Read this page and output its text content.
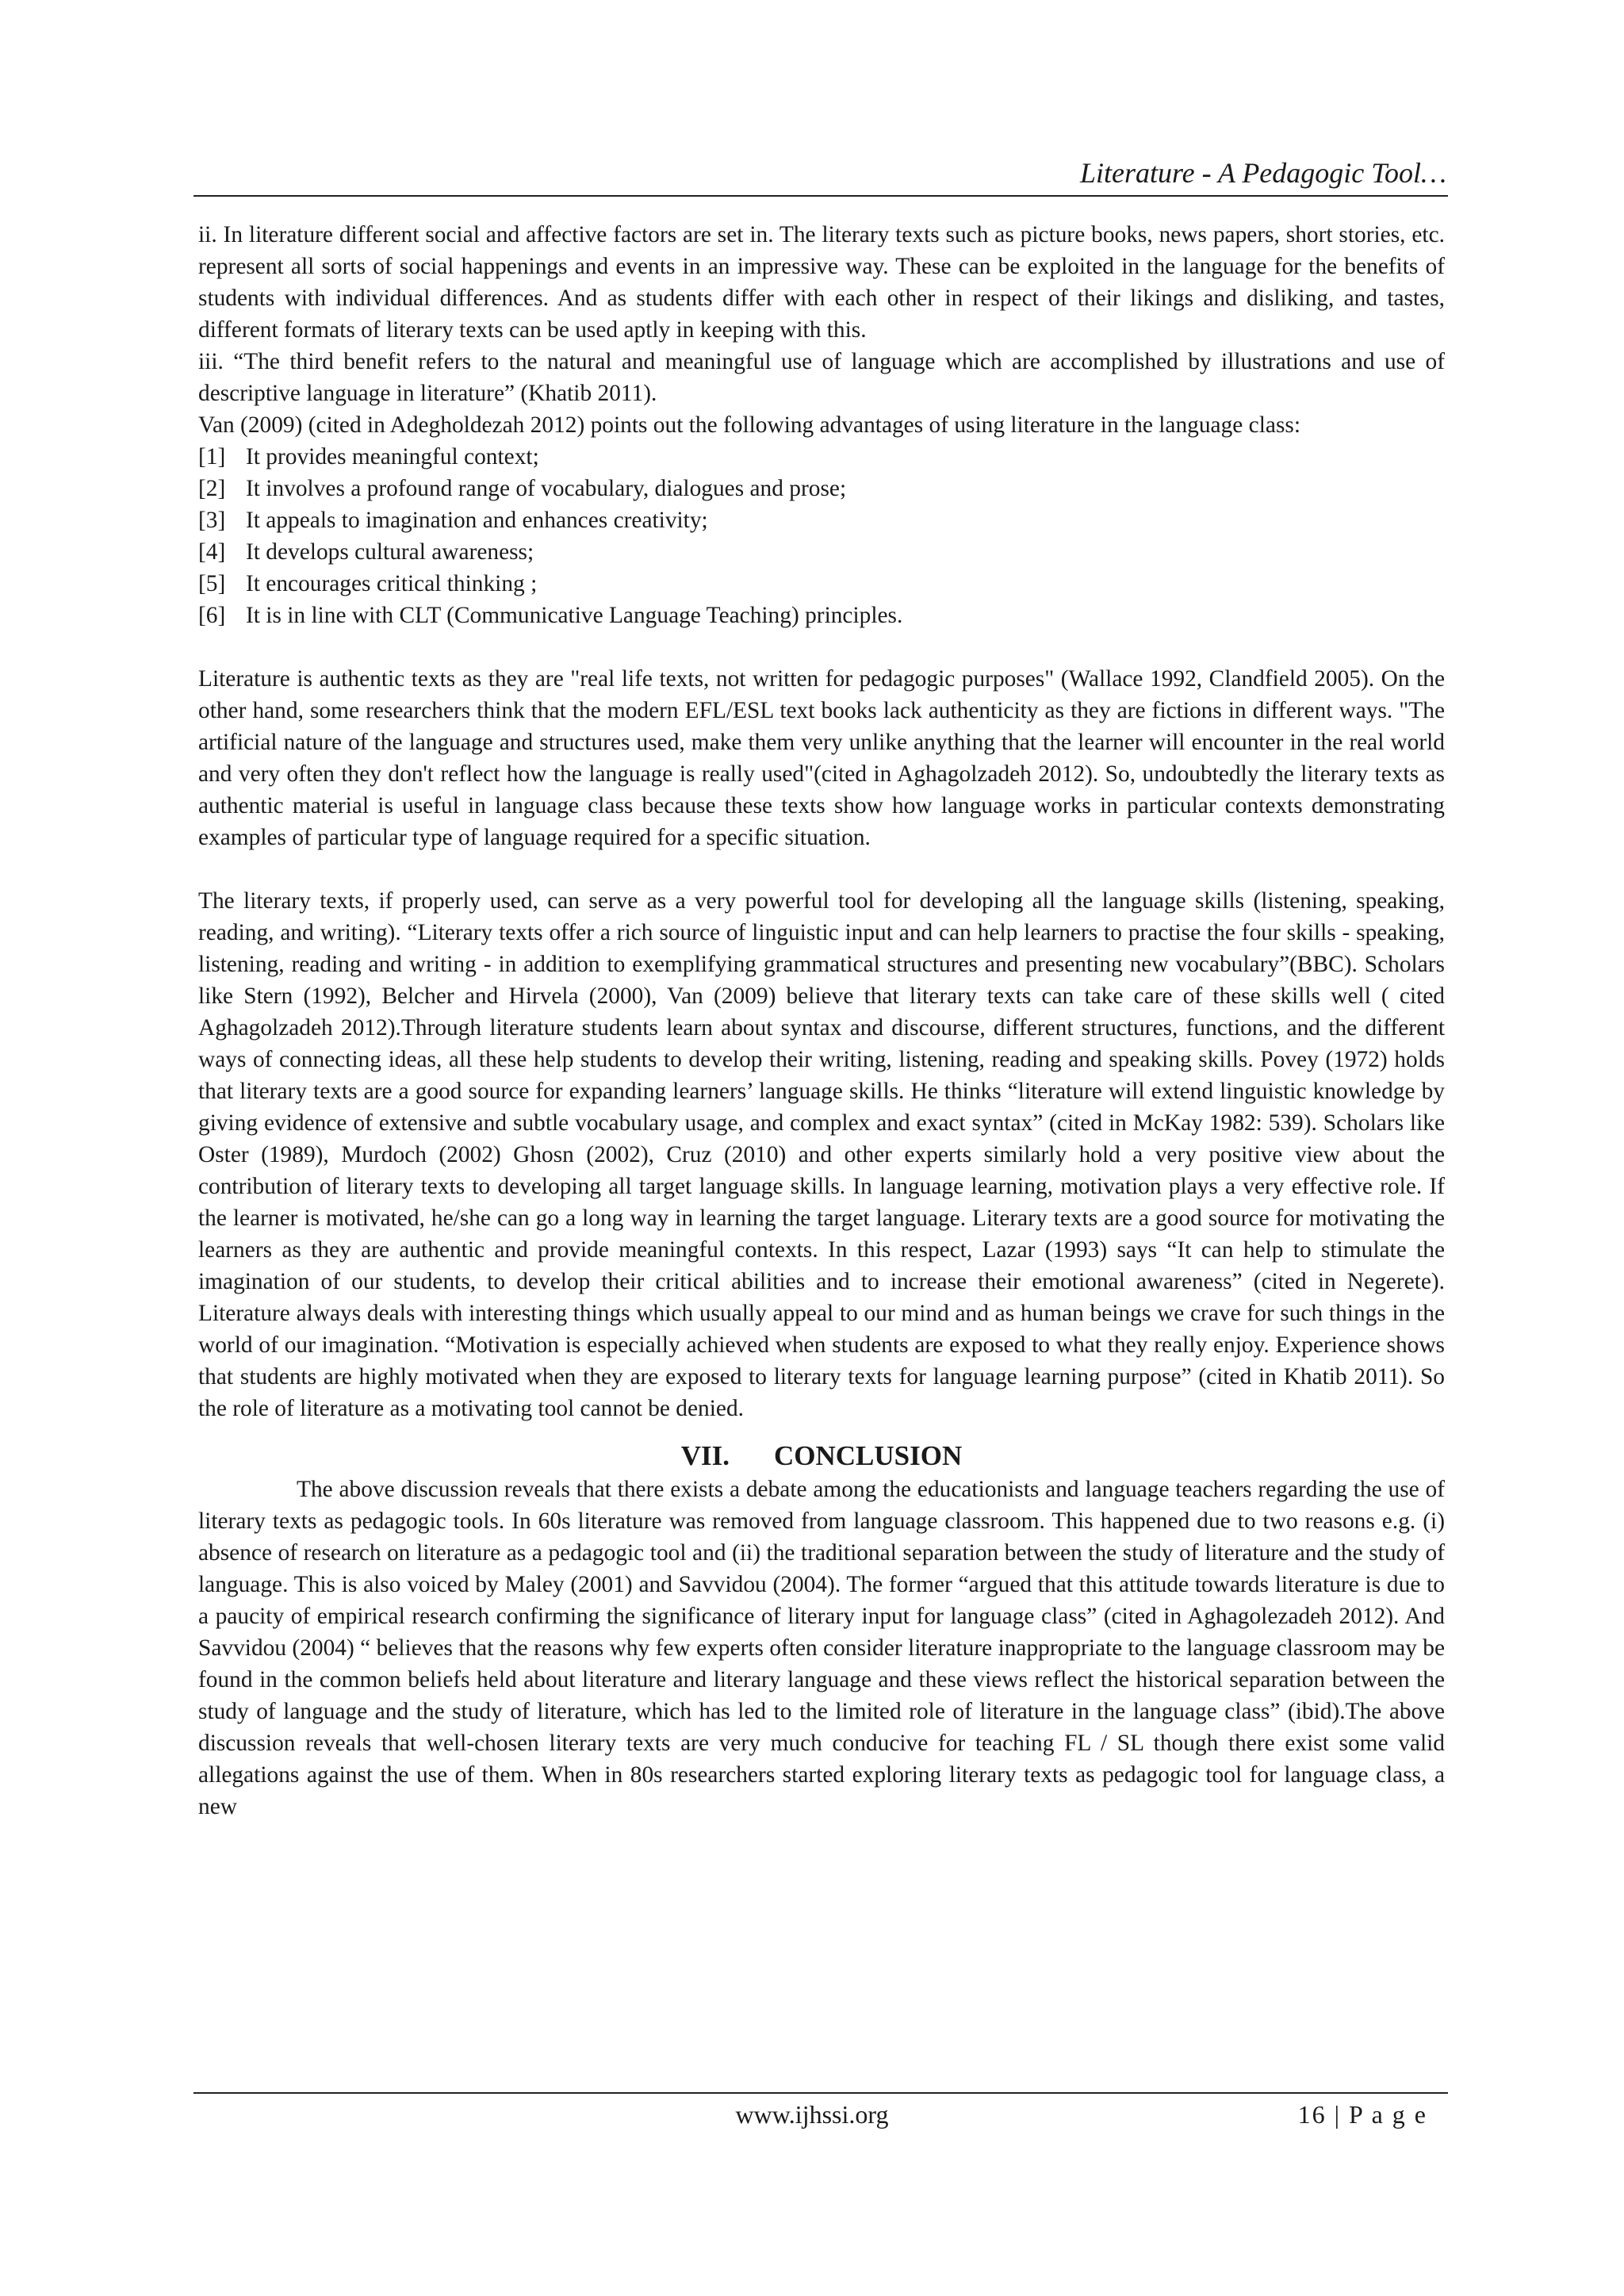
Literature - A Pedagogic Tool…

ii. In literature different social and affective factors are set in. The literary texts such as picture books, news papers, short stories, etc. represent all sorts of social happenings and events in an impressive way. These can be exploited in the language for the benefits of students with individual differences. And as students differ with each other in respect of their likings and disliking, and tastes, different formats of literary texts can be used aptly in keeping with this.

iii. “The third benefit refers to the natural and meaningful use of language which are accomplished by illustrations and use of descriptive language in literature” (Khatib 2011).

Van (2009) (cited in Adegholdezah 2012) points out the following advantages of using literature in the language class:

[1] It provides meaningful context;
[2] It involves a profound range of vocabulary, dialogues and prose;
[3] It appeals to imagination and enhances creativity;
[4] It develops cultural awareness;
[5] It encourages critical thinking ;
[6] It is in line with CLT (Communicative Language Teaching) principles.

Literature is authentic texts as they are "real life texts, not written for pedagogic purposes" (Wallace 1992, Clandfield 2005). On the other hand, some researchers think that the modern EFL/ESL text books lack authenticity as they are fictions in different ways. "The artificial nature of the language and structures used, make them very unlike anything that the learner will encounter in the real world and very often they don't reflect how the language is really used"(cited in Aghagolzadeh 2012). So, undoubtedly the literary texts as authentic material is useful in language class because these texts show how language works in particular contexts demonstrating examples of particular type of language required for a specific situation.

The literary texts, if properly used, can serve as a very powerful tool for developing all the language skills (listening, speaking, reading, and writing). “Literary texts offer a rich source of linguistic input and can help learners to practise the four skills - speaking, listening, reading and writing - in addition to exemplifying grammatical structures and presenting new vocabulary”(BBC). Scholars like Stern (1992), Belcher and Hirvela (2000), Van (2009) believe that literary texts can take care of these skills well ( cited Aghagolzadeh 2012).Through literature students learn about syntax and discourse, different structures, functions, and the different ways of connecting ideas, all these help students to develop their writing, listening, reading and speaking skills. Povey (1972) holds that literary texts are a good source for expanding learners’ language skills. He thinks “literature will extend linguistic knowledge by giving evidence of extensive and subtle vocabulary usage, and complex and exact syntax” (cited in McKay 1982: 539). Scholars like Oster (1989), Murdoch (2002) Ghosn (2002), Cruz (2010) and other experts similarly hold a very positive view about the contribution of literary texts to developing all target language skills. In language learning, motivation plays a very effective role. If the learner is motivated, he/she can go a long way in learning the target language. Literary texts are a good source for motivating the learners as they are authentic and provide meaningful contexts. In this respect, Lazar (1993) says “It can help to stimulate the imagination of our students, to develop their critical abilities and to increase their emotional awareness” (cited in Negerete). Literature always deals with interesting things which usually appeal to our mind and as human beings we crave for such things in the world of our imagination. “Motivation is especially achieved when students are exposed to what they really enjoy. Experience shows that students are highly motivated when they are exposed to literary texts for language learning purpose” (cited in Khatib 2011). So the role of literature as a motivating tool cannot be denied.

VII. CONCLUSION

The above discussion reveals that there exists a debate among the educationists and language teachers regarding the use of literary texts as pedagogic tools. In 60s literature was removed from language classroom. This happened due to two reasons e.g. (i) absence of research on literature as a pedagogic tool and (ii) the traditional separation between the study of literature and the study of language. This is also voiced by Maley (2001) and Savvidou (2004). The former “argued that this attitude towards literature is due to a paucity of empirical research confirming the significance of literary input for language class” (cited in Aghagolezadeh 2012). And Savvidou (2004) “ believes that the reasons why few experts often consider literature inappropriate to the language classroom may be found in the common beliefs held about literature and literary language and these views reflect the historical separation between the study of language and the study of literature, which has led to the limited role of literature in the language class” (ibid).The above discussion reveals that well-chosen literary texts are very much conducive for teaching FL / SL though there exist some valid allegations against the use of them. When in 80s researchers started exploring literary texts as pedagogic tool for language class, a new

www.ijhssi.org	16 | P a g e
